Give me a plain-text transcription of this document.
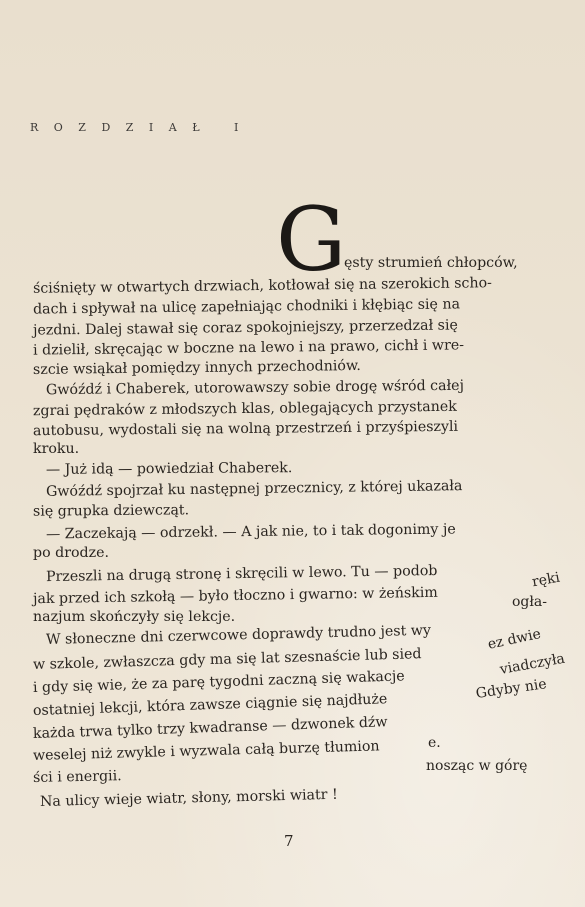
ROZDZIAŁ I
G
ęsty strumień chłopców,
ściśnięty w otwartych drzwiach, kotłował się na szerokich scho-
dach i spływał na ulicę zapełniając chodniki i kłębiąc się na
jezdni. Dalej stawał się coraz spokojniejszy, przerzedzał się
i dzielił, skręcając w boczne na lewo i na prawo, cichł i wre-
szcie wsiąkał pomiędzy innych przechodniów.
Gwóźdź i Chaberek, utorowawszy sobie drogę wśród całej
zgrai pędraków z młodszych klas, oblegających przystanek
autobusu, wydostali się na wolną przestrzeń i przyśpieszyli
kroku.
— Już idą — powiedział Chaberek.
Gwóźdź spojrzał ku następnej przecznicy, z której ukazała
się grupka dziewcząt.
— Zaczekają — odrzekł. — A jak nie, to i tak dogonimy je
po drodze.
Przeszli na drugą stronę i skręcili w lewo. Tu — podob
jak przed ich szkołą — było tłoczno i gwarno: w żeńskim
nazjum skończyły się lekcje.
W słoneczne dni czerwcowe doprawdy trudno jest wy
w szkole, zwłaszcza gdy ma się lat szesnaście lub sied
i gdy się wie, że za parę tygodni zaczną się wakacje
ostatniej lekcji, która zawsze ciągnie się najdłuże
każda trwa tylko trzy kwadranse — dzwonek dźw
weselej niż zwykle i wyzwala całą burzę tłumion
ści i energii.
Na ulicy wieje wiatr, słony, morski wiatr !
ręki
ogła-
ez dwie
viadczyła
Gdyby nie
e.
nosząc w górę
7
